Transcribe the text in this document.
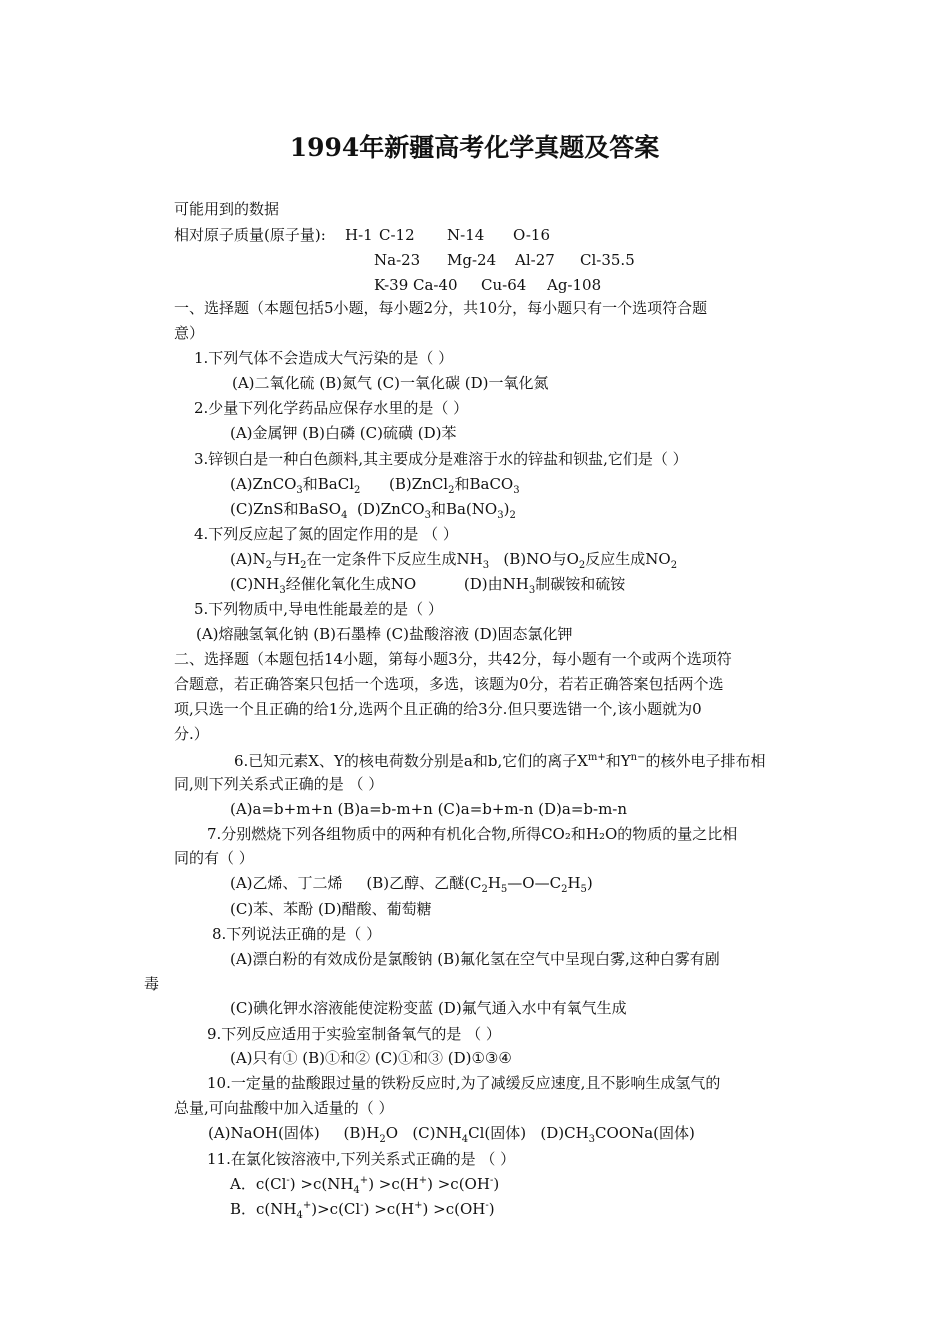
1994年新疆高考化学真题及答案
可能用到的数据
相对原子质量(原子量): H-1 C-12 N-14 O-16
Na-23 Mg-24 Al-27 Cl-35.5
K-39 Ca-40 Cu-64 Ag-108
一、选择题（本题包括5小题，每小题2分，共10分，每小题只有一个选项符合题
意）
1.下列气体不会造成大气污染的是（ ）
(A)二氧化硫 (B)氮气 (C)一氧化碳 (D)一氧化氮
2.少量下列化学药品应保存水里的是（ ）
(A)金属钾 (B)白磷 (C)硫磺 (D)苯
3.锌钡白是一种白色颜料,其主要成分是难溶于水的锌盐和钡盐,它们是（ ）
(A)ZnCO$_3$和BaCl$_2$      (B)ZnCl$_2$和BaCO$_3$
(C)ZnS和BaSO$_4$  (D)ZnCO$_3$和$Ba(NO_3)_2$
4.下列反应起了氮的固定作用的是 （ ）
$(A)N_2$与$H_2$在一定条件下反应生成$NH_3$   (B)NO与$O_2$反应生成$NO_2$
$(C)NH_3$经催化氧化生成NO          (D)由$NH_3$制碳铵和硫铵
5.下列物质中,导电性能最差的是（ ）
(A)熔融氢氧化钠 (B)石墨棒 (C)盐酸溶液 (D)固态氯化钾
二、选择题（本题包括14小题，第每小题3分，共42分，每小题有一个或两个选项符
合题意，若正确答案只包括一个选项，多选，该题为0分，若若正确答案包括两个选
项,只选一个且正确的给1分,选两个且正确的给3分.但只要选错一个,该小题就为0
分.）
6.已知元素X、Y的核电荷数分别是a和b,它们的离子$X^{m+}$和$Y^{n-}$的核外电子排布相
同,则下列关系式正确的是 （ ）
(A)a=b+m+n (B)a=b-m+n (C)a=b+m-n (D)a=b-m-n
7.分别燃烧下列各组物质中的两种有机化合物,所得CO₂和H₂O的物质的量之比相
同的有（ ）
(A)乙烯、丁二烯     (B)乙醇、乙醚$(C_2H_5—O—C_2H_5)$
(C)苯、苯酚 (D)醋酸、葡萄糖
8.下列说法正确的是（ ）
(A)漂白粉的有效成份是氯酸钠 (B)氟化氢在空气中呈现白雾,这种白雾有剧
毒
(C)碘化钾水溶液能使淀粉变蓝 (D)氟气通入水中有氧气生成
9.下列反应适用于实验室制备氧气的是 （ ）
(A)只有① (B)①和② (C)①和③ (D)①③④
10.一定量的盐酸跟过量的铁粉反应时,为了减缓反应速度,且不影响生成氢气的
总量,可向盐酸中加入适量的（ ）
(A)NaOH(固体)     $(B)H_2O$   $(C)NH_4Cl$(固体)   $(D)CH_3COONa$(固体)
11.在氯化铵溶液中,下列关系式正确的是 （ ）
A．$c(Cl^-) >c(NH_4^+) >c(H^+) >c(OH^-)$
B．$c(NH_4^+)>c(Cl^-) >c(H^+) >c(OH^-)$
